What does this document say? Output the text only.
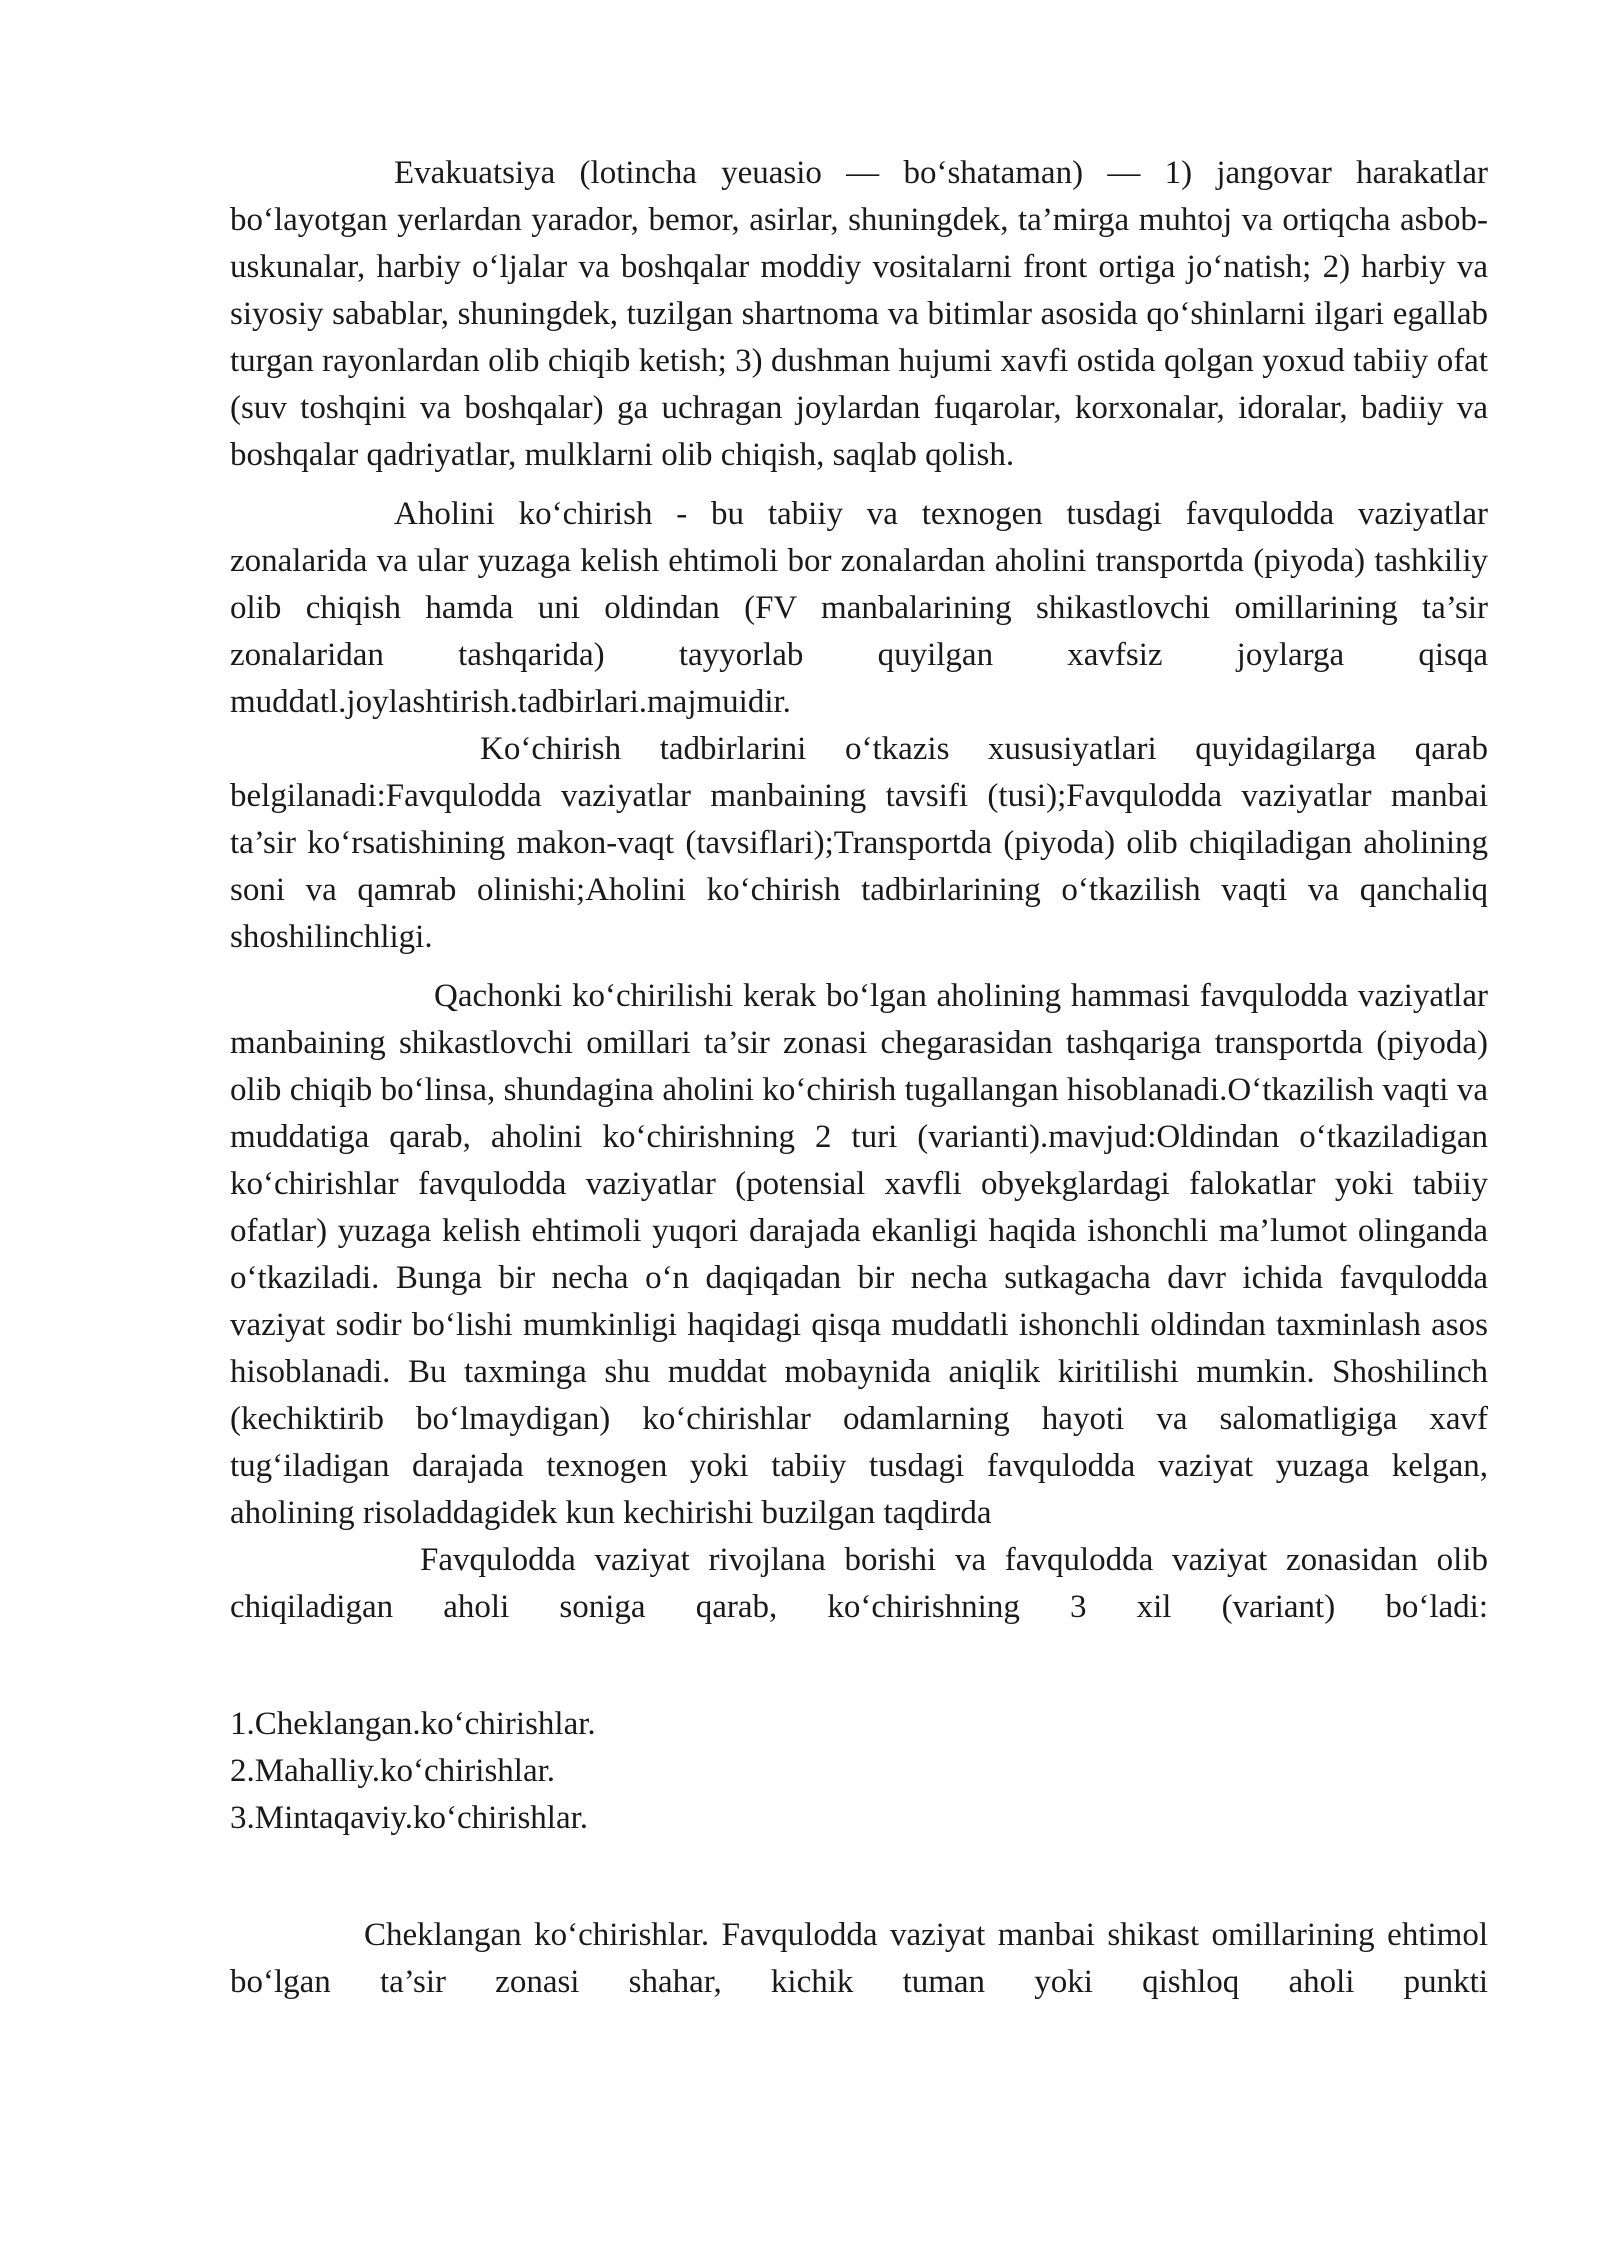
Evakuatsiya (lotincha yeuasio — bo‘shataman) — 1) jangovar harakatlar bo‘layotgan yerlardan yarador, bemor, asirlar, shuningdek, ta’mirga muhtoj va ortiqcha asbob-uskunalar, harbiy o‘ljalar va boshqalar moddiy vositalarni front ortiga jo‘natish; 2) harbiy va siyosiy sabablar, shuningdek, tuzilgan shartnoma va bitimlar asosida qo‘shinlarni ilgari egallab turgan rayonlardan olib chiqib ketish; 3) dushman hujumi xavfi ostida qolgan yoxud tabiiy ofat (suv toshqini va boshqalar) ga uchragan joylardan fuqarolar, korxonalar, idoralar, badiiy va boshqalar qadriyatlar, mulklarni olib chiqish, saqlab qolish.

Aholini ko‘chirish - bu tabiiy va texnogen tusdagi favqulodda vaziyatlar zonalarida va ular yuzaga kelish ehtimoli bor zonalardan aholini transportda (piyoda) tashkiliy olib chiqish hamda uni oldindan (FV manbalarining shikastlovchi omillarining ta’sir zonalaridan tashqarida) tayyorlab quyilgan xavfsiz joylarga qisqa muddatl.joylashtirish.tadbirlari.majmuidir.

Ko‘chirish tadbirlarini o‘tkazis xususiyatlari quyidagilarga qarab belgilanadi:Favqulodda vaziyatlar manbaining tavsifi (tusi);Favqulodda vaziyatlar manbai ta’sir ko‘rsatishining makon-vaqt (tavsiflari);Transportda (piyoda) olib chiqiladigan aholining soni va qamrab olinishi;Aholini ko‘chirish tadbirlarining o‘tkazilish vaqti va qanchaliq shoshilinchligi.

Qachonki ko‘chirilishi kerak bo‘lgan aholining hammasi favqulodda vaziyatlar manbaining shikastlovchi omillari ta’sir zonasi chegarasidan tashqariga transportda (piyoda) olib chiqib bo‘linsa, shundagina aholini ko‘chirish tugallangan hisoblanadi.O‘tkazilish vaqti va muddatiga qarab, aholini ko‘chirishning 2 turi (varianti).mavjud:Oldindan o‘tkaziladigan ko‘chirishlar favqulodda vaziyatlar (potensial xavfli obyekglardagi falokatlar yoki tabiiy ofatlar) yuzaga kelish ehtimoli yuqori darajada ekanligi haqida ishonchli ma’lumot olinganda o‘tkaziladi. Bunga bir necha o‘n daqiqadan bir necha sutkagacha davr ichida favqulodda vaziyat sodir bo‘lishi mumkinligi haqidagi qisqa muddatli ishonchli oldindan taxminlash asos hisoblanadi. Bu taxminga shu muddat mobaynida aniqlik kiritilishi mumkin. Shoshilinch (kechiktirib bo‘lmaydigan) ko‘chirishlar odamlarning hayoti va salomatligiga xavf tug‘iladigan darajada texnogen yoki tabiiy tusdagi favqulodda vaziyat yuzaga kelgan, aholining risoladdagidek kun kechirishi buzilgan taqdirda

Favqulodda vaziyat rivojlana borishi va favqulodda vaziyat zonasidan olib chiqiladigan aholi soniga qarab, ko‘chirishning 3 xil (variant) bo‘ladi:

1.Cheklangan.ko‘chirishlar.
2.Mahalliy.ko‘chirishlar.
3.Mintaqaviy.ko‘chirishlar.

Cheklangan ko‘chirishlar. Favqulodda vaziyat manbai shikast omillarining ehtimol bo‘lgan ta’sir zonasi shahar, kichik tuman yoki qishloq aholi punkti
